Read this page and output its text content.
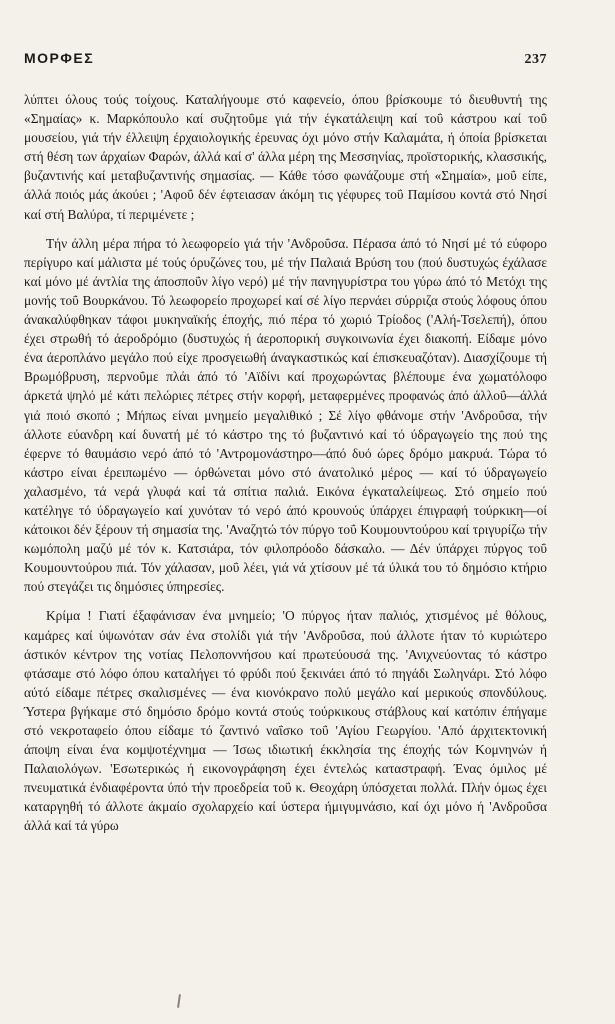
ΜΟΡΦΕΣ	237

λύπτει όλους τούς τοίχους. Καταλήγουμε στό καφενείο, όπου βρίσκουμε τό διευθυντή της «Σημαίας» κ. Μαρκόπουλο καί συζητοΰμε γιά τήν έγκατάλειψη καί τοΰ κάστρου καί τοΰ μουσείου, γιά τήν έλλειψη έρχαιολογικής έρευνας όχι μόνο στήν Καλαμάτα, ή όποία βρίσκεται στή θέση των άρχαίων Φαρών, άλλά καί σ' άλλα μέρη της Μεσσηνίας, προϊστορικής, κλασσικής, βυζαντινής καί μεταβυζαντινής σημασίας. — Κάθε τόσο φωνάζουμε στή «Σημαία», μοΰ είπε, άλλά ποιός μάς άκούει ; 'Αφοΰ δέν έφτειασαν άκόμη τις γέφυρες τοΰ Παμίσου κοντά στό Νησί καί στή Βαλύρα, τί περιμένετε ;

Τήν άλλη μέρα πήρα τό λεωφορείο γιά τήν 'Ανδροΰσα. Πέρασα άπό τό Νησί μέ τό εύφορο περίγυρο καί μάλιστα μέ τούς όρυζώνες του, μέ τήν Παλαιά Βρύση του (πού δυστυχώς έχάλασε καί μόνο μέ άντλία της άποσποΰν λίγο νερό) μέ τήν πανηγυρίστρα του γύρω άπό τό Μετόχι της μονής τοΰ Βουρκάνου. Τό λεωφορείο προχωρεί καί σέ λίγο περνάει σύρριζα στούς λόφους όπου άνακαλύφθηκαν τάφοι μυκηναϊκής έποχής, πιό πέρα τό χωριό Τρίοδος ('Αλή-Τσελεπή), όπου έχει στρωθή τό άεροδρόμιο (δυστυχώς ή άεροπορική συγκοινωνία έχει διακοπή. Είδαμε μόνο ένα άεροπλάνο μεγάλο πού είχε προσγειωθή άναγκαστικώς καί έπισκευαζόταν). Διασχίζουμε τή Βρωμόβρυση, περνοΰμε πλάι άπό τό 'Αϊδίνι καί προχωρώντας βλέπουμε ένα χωματόλοφο άρκετά ψηλό μέ κάτι πελώριες πέτρες στήν κορφή, μεταφερμένες προφανώς άπό άλλοΰ—άλλά γιά ποιό σκοπό ; Μήπως είναι μνημείο μεγαλιθικό ; Σέ λίγο φθάνομε στήν 'Ανδροΰσα, τήν άλλοτε εύανδρη καί δυνατή μέ τό κάστρο της τό βυζαντινό καί τό ύδραγωγείο της πού της έφερνε τό θαυμάσιο νερό άπό τό 'Αντρομονάστηρο—άπό δυό ώρες δρόμο μακρυά. Τώρα τό κάστρο είναι έρειπωμένο — όρθώνεται μόνο στό άνατολικό μέρος — καί τό ύδραγωγείο χαλασμένο, τά νερά γλυφά καί τά σπίτια παλιά. Εικόνα έγκαταλείψεως. Στό σημείο πού κατέληγε τό ύδραγωγείο καί χυνόταν τό νερό άπό κρουνούς ύπάρχει έπιγραφή τούρκικη—οί κάτοικοι δέν ξέρουν τή σημασία της. 'Αναζητώ τόν πύργο τοΰ Κουμουντούρου καί τριγυρίζω τήν κωμόπολη μαζύ μέ τόν κ. Κατσιάρα, τόν φιλοπρόοδο δάσκαλο. — Δέν ύπάρχει πύργος τοΰ Κουμουντούρου πιά. Τόν χάλασαν, μοΰ λέει, γιά νά χτίσουν μέ τά ύλικά του τό δημόσιο κτήριο πού στεγάζει τις δημόσιες ύπηρεσίες.

Κρίμα ! Γιατί έξαφάνισαν ένα μνημείο; 'Ο πύργος ήταν παλιός, χτισμένος μέ θόλους, καμάρες καί ύψωνόταν σάν ένα στολίδι γιά τήν 'Ανδροΰσα, πού άλλοτε ήταν τό κυριώτερο άστικόν κέντρον της νοτίας Πελοποννήσου καί πρωτεύουσά της. 'Ανιχνεύοντας τό κάστρο φτάσαμε στό λόφο όπου καταλήγει τό φρύδι πού ξεκινάει άπό τό πηγάδι Σωληνάρι. Στό λόφο αύτό είδαμε πέτρες σκαλισμένες — ένα κιονόκρανο πολύ μεγάλο καί μερικούς σπονδύλους. Ύστερα βγήκαμε στό δημόσιο δρόμο κοντά στούς τούρκικους στάβλους καί κατόπιν έπήγαμε στό νεκροταφείο όπου είδαμε τό ζαντινό ναΐσκο τοΰ 'Αγίου Γεωργίου. 'Από άρχιτεκτονική άποψη είναι ένα κομψοτέχνημα — Ίσως ιδιωτική έκκλησία της έποχής τών Κομνηνών ή Παλαιολόγων. 'Εσωτερικώς ή εικονογράφηση έχει έντελώς καταστραφή. Ένας όμιλος μέ πνευματικά ένδιαφέροντα ύπό τήν προεδρεία τοΰ κ. Θεοχάρη ύπόσχεται πολλά. Πλήν όμως έχει καταργηθή τό άλλοτε άκμαίο σχολαρχείο καί ύστερα ήμιγυμνάσιο, καί όχι μόνο ή 'Ανδροΰσα άλλά καί τά γύρω
